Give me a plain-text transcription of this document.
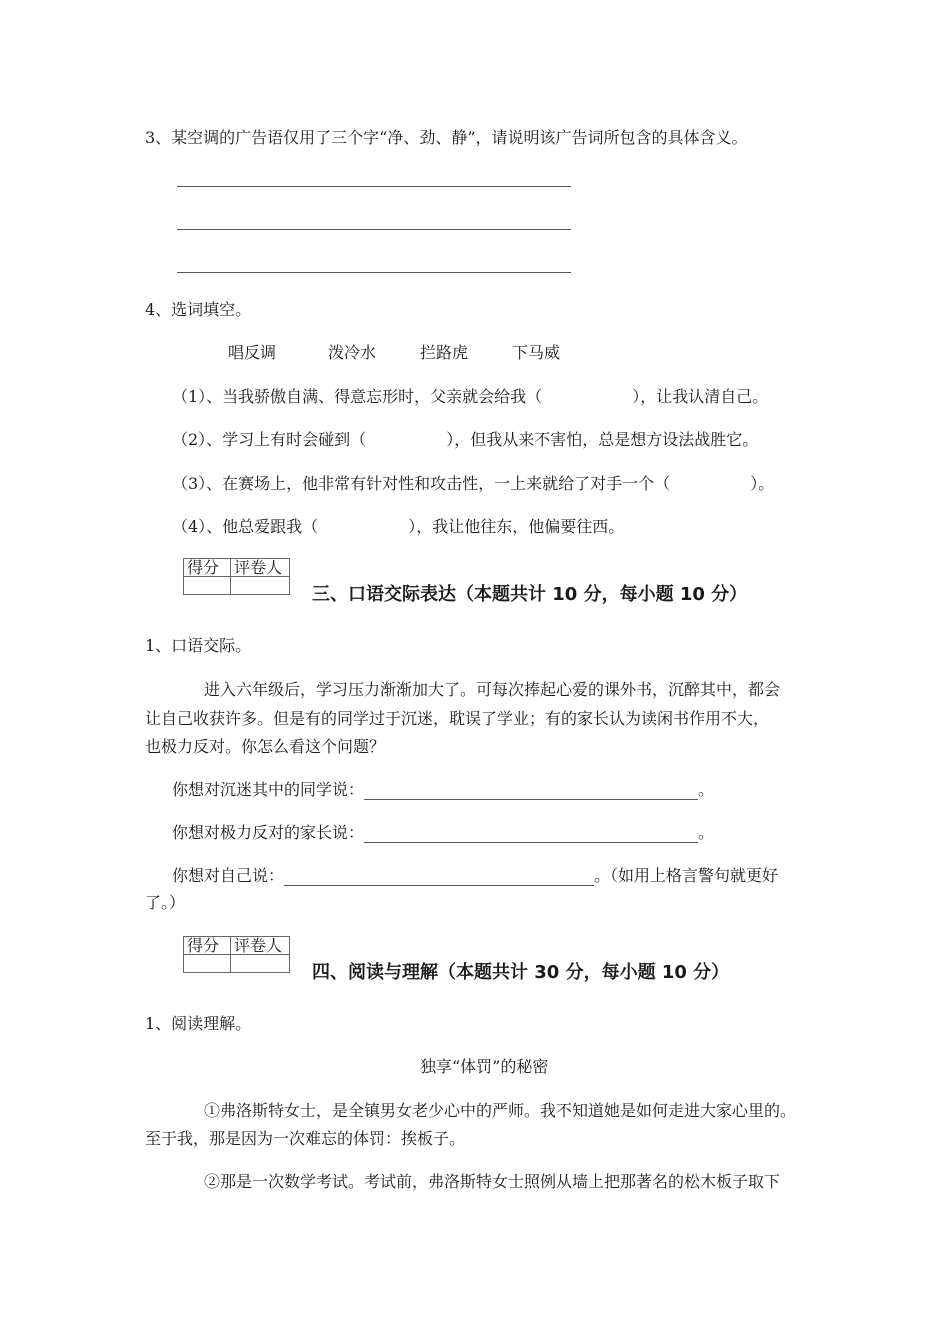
3、某空调的广告语仅用了三个字“净、劲、静”，请说明该广告词所包含的具体含义。
4、选词填空。
唱反调	泼冷水	拦路虎	下马威
（1）、当我骄傲自满、得意忘形时，父亲就会给我（	），让我认清自己。
（2）、学习上有时会碰到（	），但我从来不害怕，总是想方设法战胜它。
（3）、在赛场上，他非常有针对性和攻击性，一上来就给了对手一个（	）。
（4）、他总爱跟我（	），我让他往东，他偏要往西。
得分	评卷人

三、口语交际表达（本题共计 10 分，每小题 10 分）
1、口语交际。
进入六年级后，学习压力渐渐加大了。可每次捧起心爱的课外书，沉醉其中，都会
让自己收获许多。但是有的同学过于沉迷，耽误了学业；有的家长认为读闲书作用不大，
也极力反对。你怎么看这个问题？
你想对沉迷其中的同学说：	。
你想对极力反对的家长说：	。
你想对自己说：	。（如用上格言警句就更好
了。）
得分	评卷人

四、阅读与理解（本题共计 30 分，每小题 10 分）
1、阅读理解。
独享“体罚”的秘密
①弗洛斯特女士，是全镇男女老少心中的严师。我不知道她是如何走进大家心里的。
至于我，那是因为一次难忘的体罚：挨板子。
②那是一次数学考试。考试前，弗洛斯特女士照例从墙上把那著名的松木板子取下
